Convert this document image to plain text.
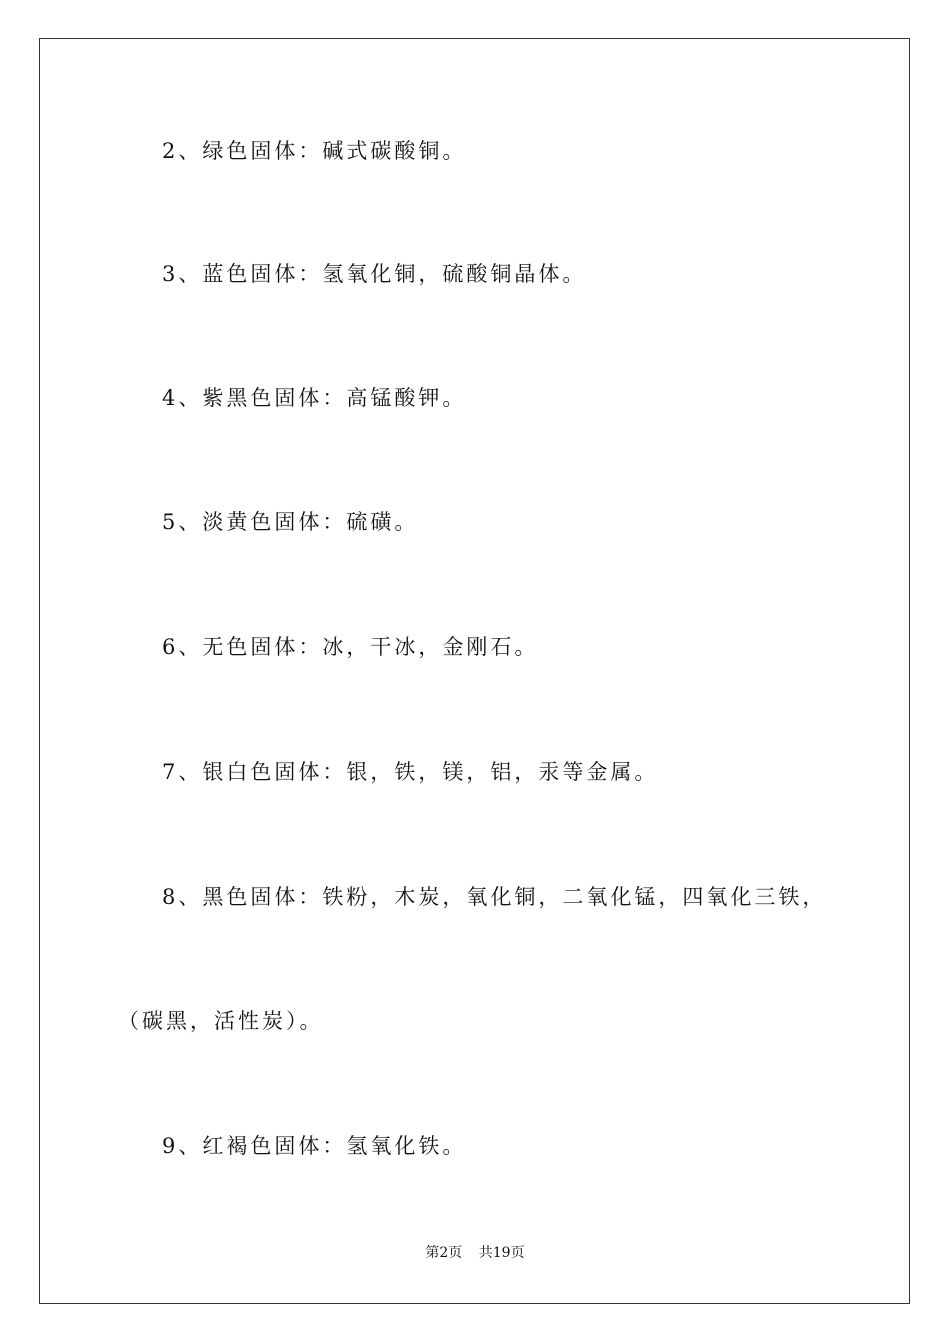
2、绿色固体：碱式碳酸铜。
3、蓝色固体：氢氧化铜，硫酸铜晶体。
4、紫黑色固体：高锰酸钾。
5、淡黄色固体：硫磺。
6、无色固体：冰，干冰，金刚石。
7、银白色固体：银，铁，镁，铝，汞等金属。
8、黑色固体：铁粉，木炭，氧化铜，二氧化锰，四氧化三铁，
（碳黑，活性炭）。
9、红褐色固体：氢氧化铁。
第2页 共19页
